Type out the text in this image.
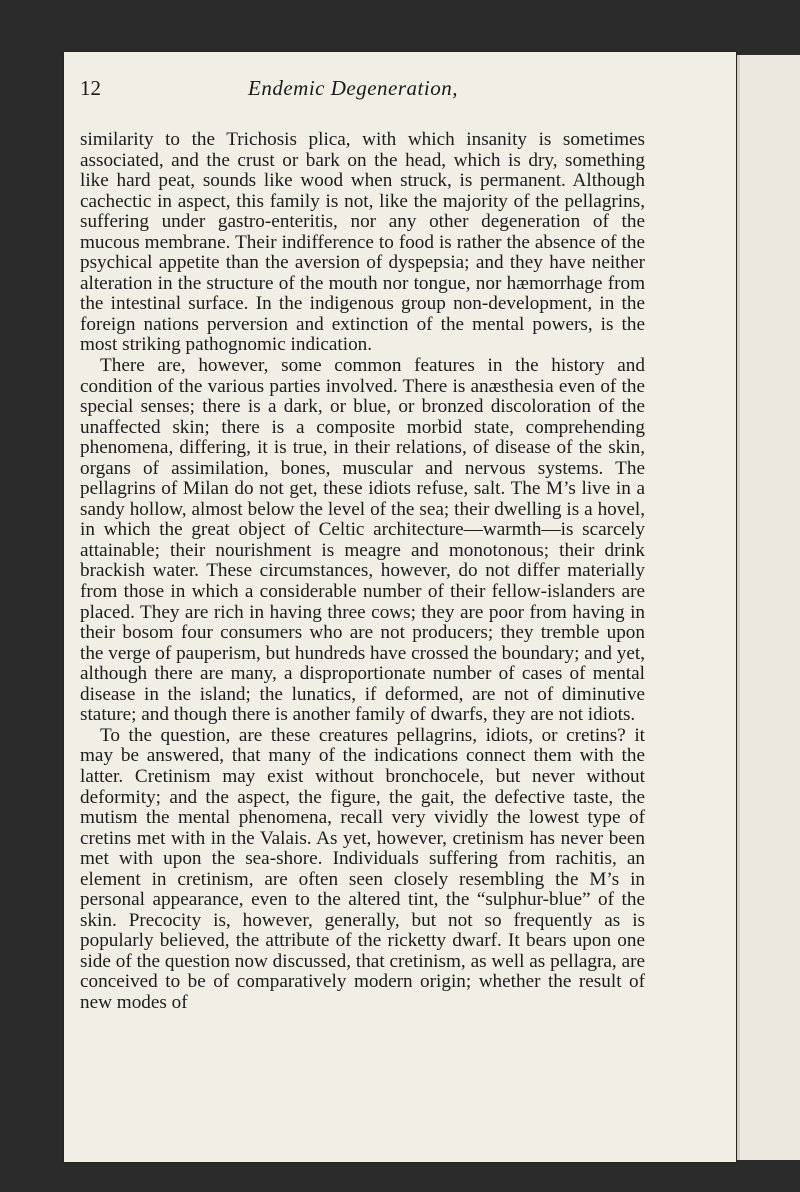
12	Endemic Degeneration,

similarity to the Trichosis plica, with which insanity is sometimes associated, and the crust or bark on the head, which is dry, something like hard peat, sounds like wood when struck, is permanent. Although cachectic in aspect, this family is not, like the majority of the pellagrins, suffering under gastro-enteritis, nor any other degeneration of the mucous membrane. Their indifference to food is rather the absence of the psychical appetite than the aversion of dyspepsia; and they have neither alteration in the structure of the mouth nor tongue, nor hæmorrhage from the intestinal surface. In the indigenous group non-development, in the foreign nations perversion and extinction of the mental powers, is the most striking pathognomic indication.

There are, however, some common features in the history and condition of the various parties involved. There is anæsthesia even of the special senses; there is a dark, or blue, or bronzed discoloration of the unaffected skin; there is a composite morbid state, comprehending phenomena, differing, it is true, in their relations, of disease of the skin, organs of assimilation, bones, muscular and nervous systems. The pellagrins of Milan do not get, these idiots refuse, salt. The M’s live in a sandy hollow, almost below the level of the sea; their dwelling is a hovel, in which the great object of Celtic architecture—warmth—is scarcely attainable; their nourishment is meagre and monotonous; their drink brackish water. These circumstances, however, do not differ materially from those in which a considerable number of their fellow-islanders are placed. They are rich in having three cows; they are poor from having in their bosom four consumers who are not producers; they tremble upon the verge of pauperism, but hundreds have crossed the boundary; and yet, although there are many, a disproportionate number of cases of mental disease in the island; the lunatics, if deformed, are not of diminutive stature; and though there is another family of dwarfs, they are not idiots.

To the question, are these creatures pellagrins, idiots, or cretins? it may be answered, that many of the indications connect them with the latter. Cretinism may exist without bronchocele, but never without deformity; and the aspect, the figure, the gait, the defective taste, the mutism the mental phenomena, recall very vividly the lowest type of cretins met with in the Valais. As yet, however, cretinism has never been met with upon the sea-shore. Individuals suffering from rachitis, an element in cretinism, are often seen closely resembling the M’s in personal appearance, even to the altered tint, the “sulphur-blue” of the skin. Precocity is, however, generally, but not so frequently as is popularly believed, the attribute of the ricketty dwarf. It bears upon one side of the question now discussed, that cretinism, as well as pellagra, are conceived to be of comparatively modern origin; whether the result of new modes of
